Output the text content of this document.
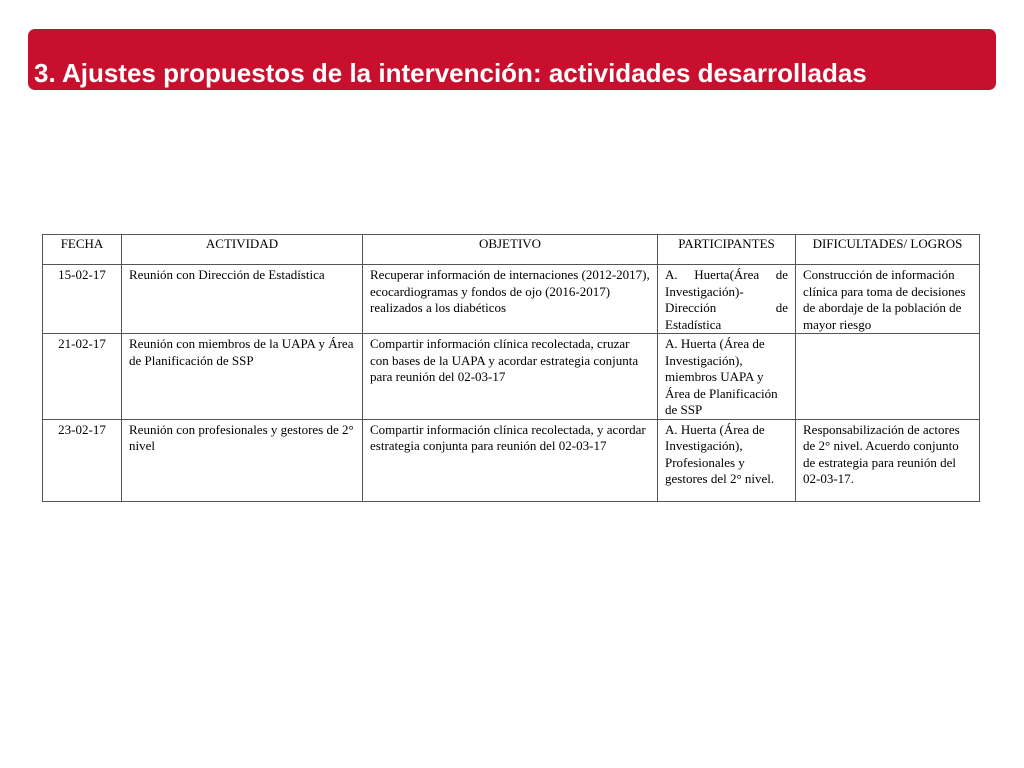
3. Ajustes propuestos de la intervención: actividades desarrolladas
FECHA	ACTIVIDAD	OBJETIVO	PARTICIPANTES	DIFICULTADES/ LOGROS
15-02-17	Reunión con Dirección de Estadística	Recuperar información de internaciones (2012-2017), ecocardiogramas y fondos de ojo (2016-2017) realizados a los diabéticos	A. Huerta(Área de Investigación)- Dirección de Estadística	Construcción de información clínica para toma de decisiones de abordaje de la población de mayor riesgo
21-02-17	Reunión con miembros de la UAPA y Área de Planificación de SSP	Compartir información clínica recolectada, cruzar con bases de la UAPA y acordar estrategia conjunta para reunión del 02-03-17	A. Huerta (Área de Investigación), miembros UAPA y Área de Planificación de SSP	
23-02-17	Reunión con profesionales y gestores de 2° nivel	Compartir información clínica recolectada, y acordar estrategia conjunta para reunión del 02-03-17	A. Huerta (Área de Investigación), Profesionales y gestores del 2° nivel.	Responsabilización de actores de 2° nivel. Acuerdo conjunto de estrategia para reunión del 02-03-17.
